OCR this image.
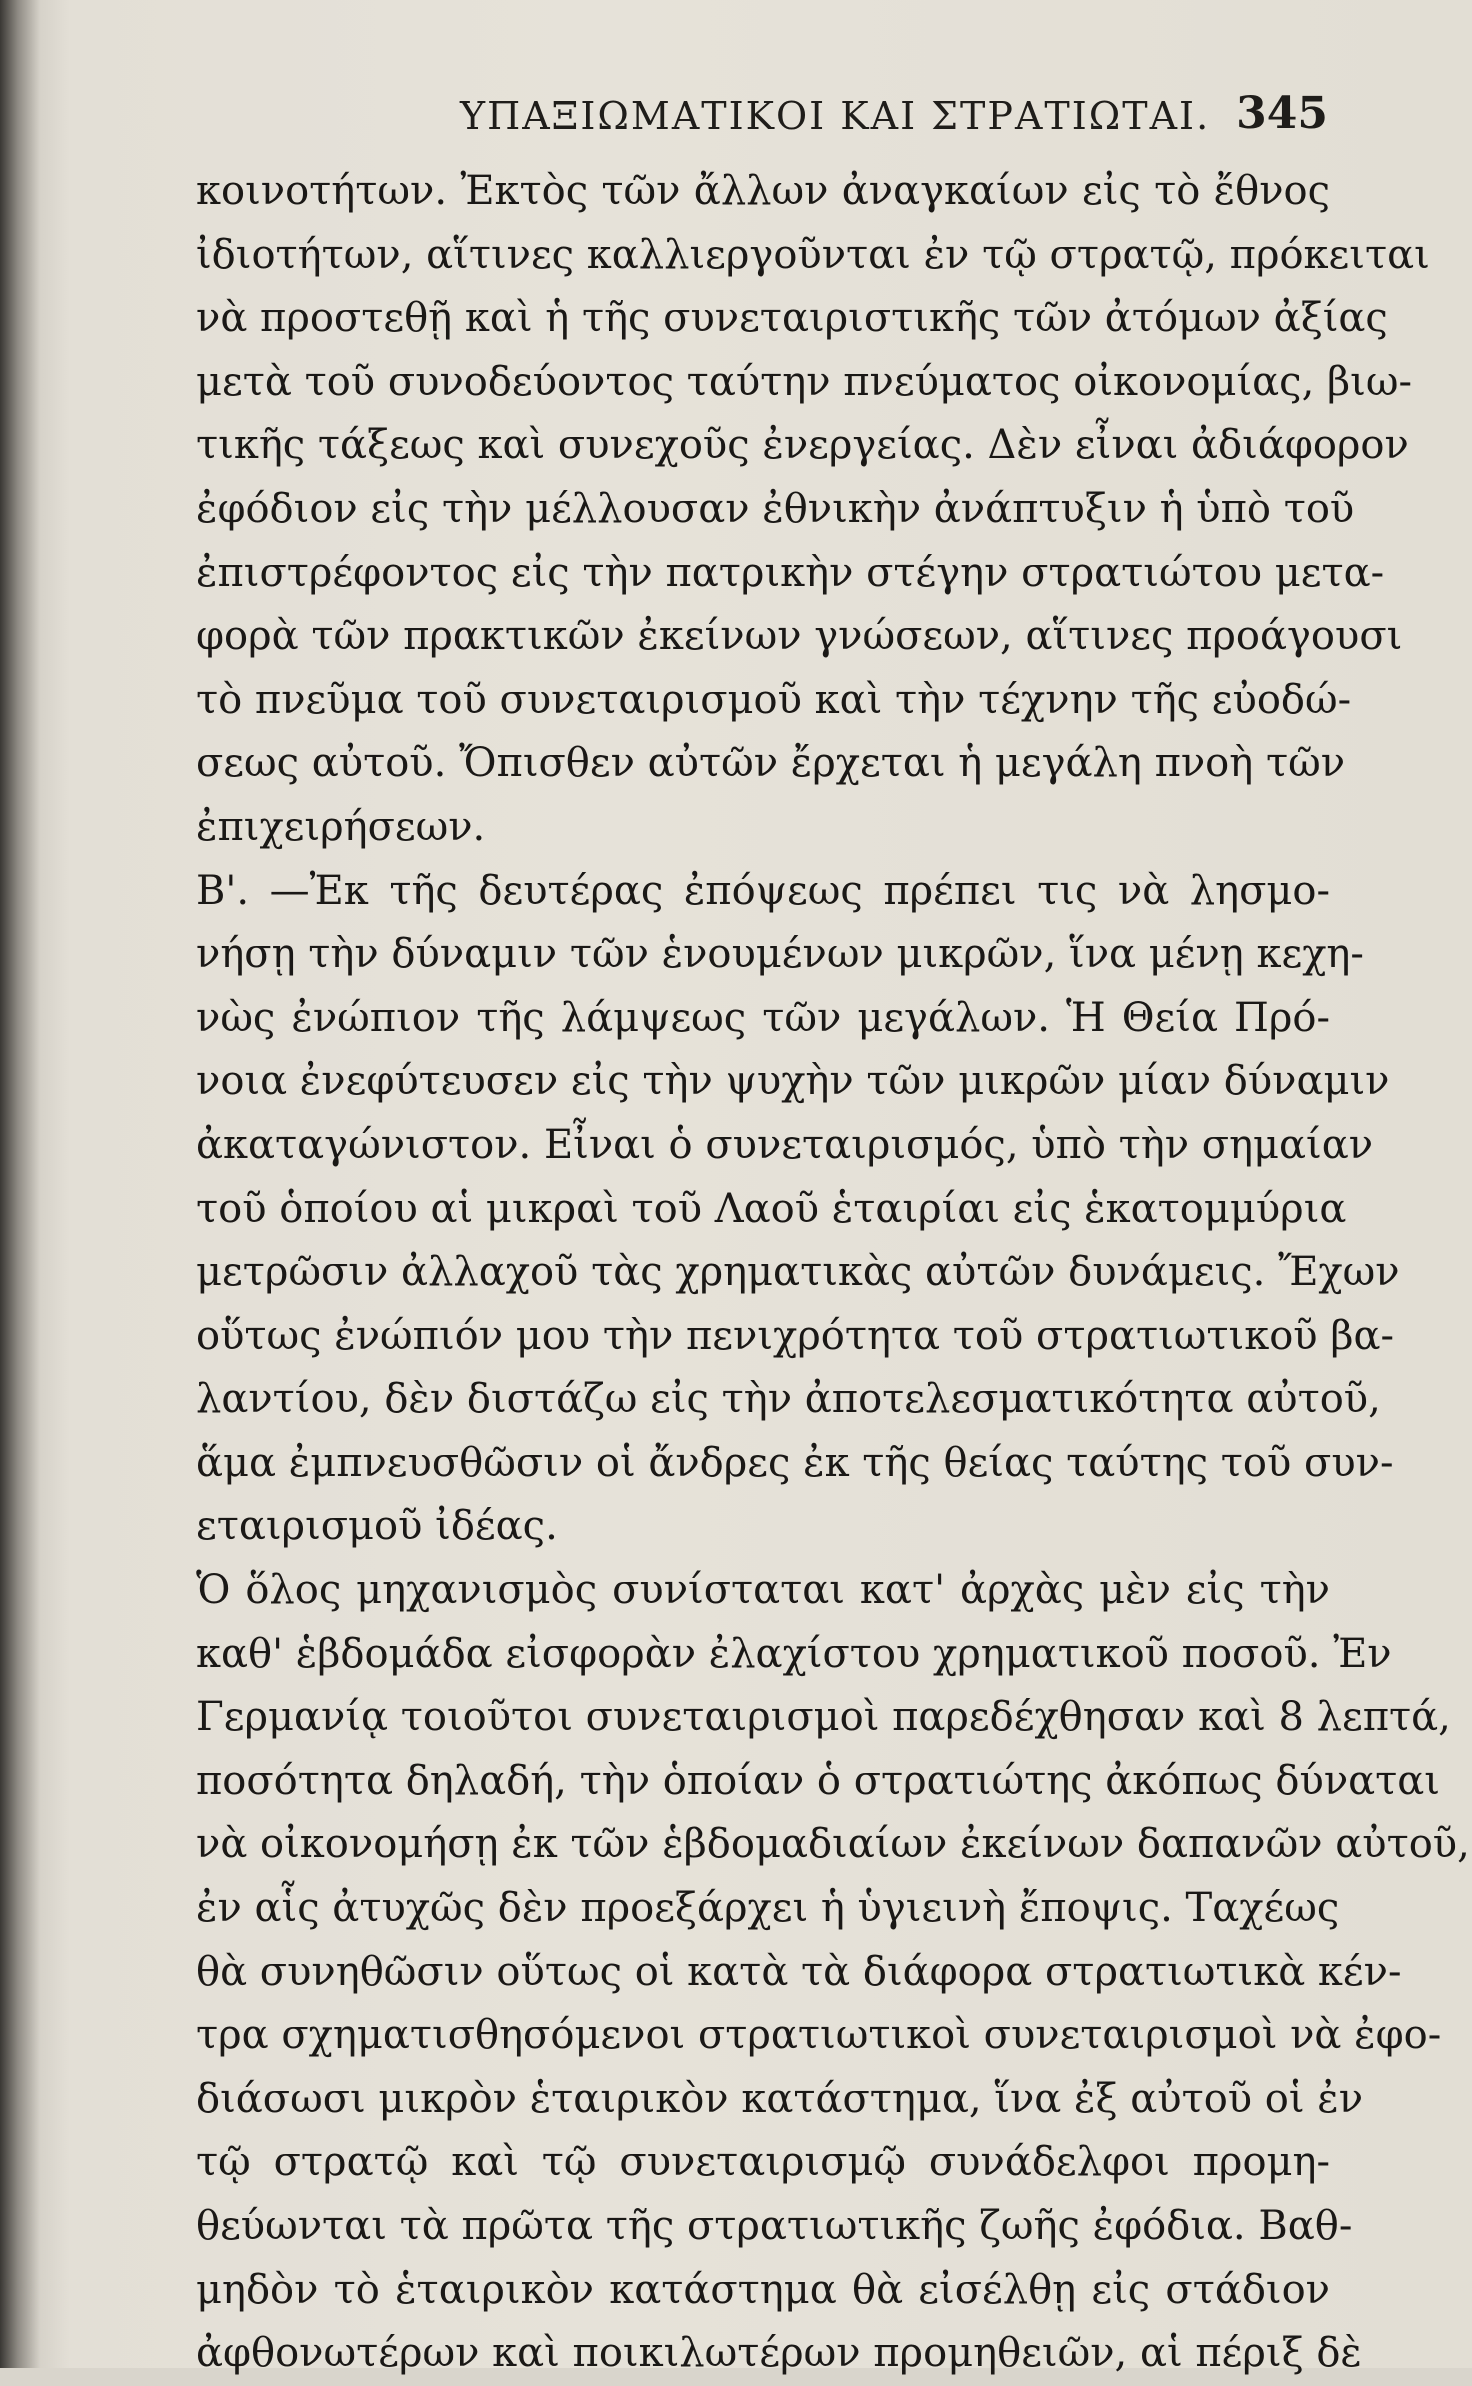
ΥΠΑΞΙΩΜΑΤΙΚΟΙ ΚΑΙ ΣΤΡΑΤΙΩΤΑΙ. 345
κοινοτήτων. Ἐκτὸς τῶν ἄλλων ἀναγκαίων εἰς τὸ ἔθνος
ἰδιοτήτων, αἵτινες καλλιεργοῦνται ἐν τῷ στρατῷ, πρόκειται
νὰ προστεθῇ καὶ ἡ τῆς συνεταιριστικῆς τῶν ἀτόμων ἀξίας
μετὰ τοῦ συνοδεύοντος ταύτην πνεύματος οἰκονομίας, βιω-
τικῆς τάξεως καὶ συνεχοῦς ἐνεργείας. Δὲν εἶναι ἀδιάφορον
ἐφόδιον εἰς τὴν μέλλουσαν ἐθνικὴν ἀνάπτυξιν ἡ ὑπὸ τοῦ
ἐπιστρέφοντος εἰς τὴν πατρικὴν στέγην στρατιώτου μετα-
φορὰ τῶν πρακτικῶν ἐκείνων γνώσεων, αἵτινες προάγουσι
τὸ πνεῦμα τοῦ συνεταιρισμοῦ καὶ τὴν τέχνην τῆς εὐοδώ-
σεως αὐτοῦ. Ὄπισθεν αὐτῶν ἔρχεται ἡ μεγάλη πνοὴ τῶν
ἐπιχειρήσεων.
Β'. —Ἐκ τῆς δευτέρας ἐπόψεως πρέπει τις νὰ λησμο-
νήσῃ τὴν δύναμιν τῶν ἑνουμένων μικρῶν, ἵνα μένῃ κεχη-
νὼς ἐνώπιον τῆς λάμψεως τῶν μεγάλων. Ἡ Θεία Πρό-
νοια ἐνεφύτευσεν εἰς τὴν ψυχὴν τῶν μικρῶν μίαν δύναμιν
ἀκαταγώνιστον. Εἶναι ὁ συνεταιρισμός, ὑπὸ τὴν σημαίαν
τοῦ ὁποίου αἱ μικραὶ τοῦ Λαοῦ ἑταιρίαι εἰς ἑκατομμύρια
μετρῶσιν ἀλλαχοῦ τὰς χρηματικὰς αὐτῶν δυνάμεις. Ἔχων
οὕτως ἐνώπιόν μου τὴν πενιχρότητα τοῦ στρατιωτικοῦ βα-
λαντίου, δὲν διστάζω εἰς τὴν ἀποτελεσματικότητα αὐτοῦ,
ἅμα ἐμπνευσθῶσιν οἱ ἄνδρες ἐκ τῆς θείας ταύτης τοῦ συν-
εταιρισμοῦ ἰδέας.
Ὁ ὅλος μηχανισμὸς συνίσταται κατ' ἀρχὰς μὲν εἰς τὴν
καθ' ἑβδομάδα εἰσφορὰν ἐλαχίστου χρηματικοῦ ποσοῦ. Ἐν
Γερμανίᾳ τοιοῦτοι συνεταιρισμοὶ παρεδέχθησαν καὶ 8 λεπτά,
ποσότητα δηλαδή, τὴν ὁποίαν ὁ στρατιώτης ἀκόπως δύναται
νὰ οἰκονομήσῃ ἐκ τῶν ἑβδομαδιαίων ἐκείνων δαπανῶν αὐτοῦ,
ἐν αἷς ἀτυχῶς δὲν προεξάρχει ἡ ὑγιεινὴ ἔποψις. Ταχέως
θὰ συνηθῶσιν οὕτως οἱ κατὰ τὰ διάφορα στρατιωτικὰ κέν-
τρα σχηματισθησόμενοι στρατιωτικοὶ συνεταιρισμοὶ νὰ ἐφο-
διάσωσι μικρὸν ἑταιρικὸν κατάστημα, ἵνα ἐξ αὐτοῦ οἱ ἐν
τῷ στρατῷ καὶ τῷ συνεταιρισμῷ συνάδελφοι προμη-
θεύωνται τὰ πρῶτα τῆς στρατιωτικῆς ζωῆς ἐφόδια. Βαθ-
μηδὸν τὸ ἑταιρικὸν κατάστημα θὰ εἰσέλθῃ εἰς στάδιον
ἀφθονωτέρων καὶ ποικιλωτέρων προμηθειῶν, αἱ πέριξ δὲ
